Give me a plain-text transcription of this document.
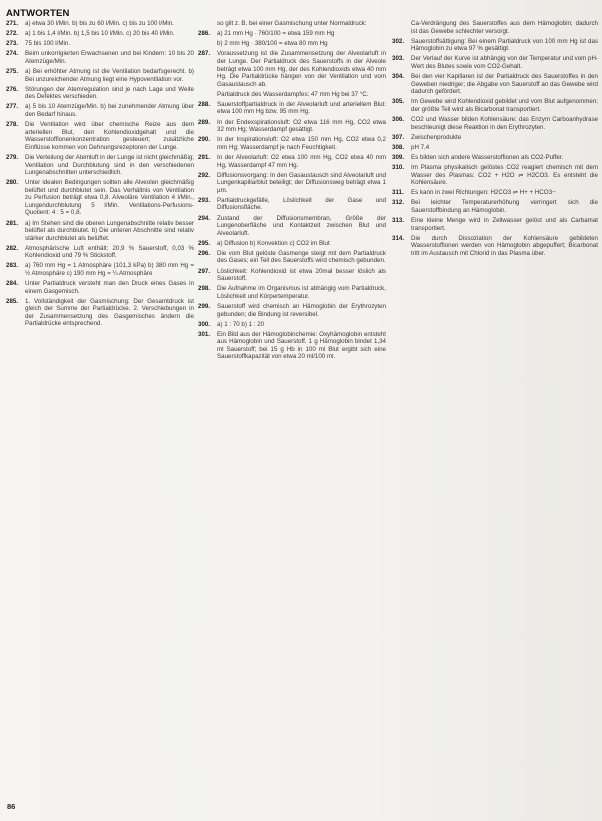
ANTWORTEN
271.	a) etwa 30 l/Min. b) bis zu 60 l/Min. c) bis zu 100 l/Min.
272.	a) 1 bis 1,4 l/Min. b) 1,5 bis 10 l/Min. c) 20 bis 40 l/Min.
273.	75 bis 100 l/Min.
274.	Beim unkorrigierten Erwachsenen und bei Kindern: 10 bis 20 Atemzüge/Min.
275.	a) Bei erhöhter Atmung ist die Ventilation bedarfsgerecht. b) Bei unzureichender Atmung liegt eine Hypoventilation vor.
276.	Störungen der Atemregulation sind je nach Lage und Weite des Defektes verschieden.
277.	a) 5 bis 10 Atemzüge/Min. b) bei zunehmender Atmung über den Bedarf hinaus.
278.	Die Ventilation wird über chemische Reize aus dem arteriellen Blut, den Kohlendioxidgehalt und die Wasserstoffionenkonzentration gesteuert; zusätzliche Einflüsse kommen von Dehnungsrezeptoren der Lunge.
279.	Die Verteilung der Atemluft in der Lunge ist nicht gleichmäßig; Ventilation und Durchblutung sind in den verschiedenen Lungenabschnitten unterschiedlich.
280.	Unter idealen Bedingungen sollten alle Alveolen gleichmäßig belüftet und durchblutet sein. Das Verhältnis von Ventilation zu Perfusion beträgt etwa 0,8. Alveoläre Ventilation 4 l/Min., Lungendurchblutung 5 l/Min. Ventilations-Perfusions-Quotient: 4 : 5 = 0,8.
281.	a) Im Stehen sind die oberen Lungenabschnitte relativ besser belüftet als durchblutet. b) Die unteren Abschnitte sind relativ stärker durchblutet als belüftet.
282.	Atmosphärische Luft enthält: 20,9 % Sauerstoff, 0,03 % Kohlendioxid und 79 % Stickstoff.
283.	a) 760 mm Hg = 1 Atmosphäre (101,3 kPa) b) 380 mm Hg = ½ Atmosphäre c) 190 mm Hg = ¼ Atmosphäre
284.	Unter Partialdruck versteht man den Druck eines Gases in einem Gasgemisch.
285.	1. Vollständigkeit der Gasmischung: Der Gesamtdruck ist gleich der Summe der Partialdrücke. 2. Verschiebungen in der Zusammensetzung des Gasgemisches ändern die Partialdrücke entsprechend.
so gilt z. B. bei einer Gasmischung unter Normaldruck:
286.	a) 21 mm Hg · 760/100 = etwa 159 mm Hg
b) 2 mm Hg · 380/100 = etwa 80 mm Hg
287.	Voraussetzung ist die Zusammensetzung der Alveolarluft in der Lunge. Der Partialdruck des Sauerstoffs in der Alveole beträgt etwa 100 mm Hg, der des Kohlendioxids etwa 40 mm Hg. Die Partialdrücke hängen von der Ventilation und vom Gasaustausch ab.
Partialdruck des Wasserdampfes: 47 mm Hg bei 37 °C.
288.	Sauerstoffpartialdruck in der Alveolarluft und arteriellem Blut: etwa 100 mm Hg bzw. 95 mm Hg.
289.	In der Endexspirationsluft: O2 etwa 116 mm Hg, CO2 etwa 32 mm Hg; Wasserdampf gesättigt.
290.	In der Inspirationsluft: O2 etwa 150 mm Hg, CO2 etwa 0,2 mm Hg; Wasserdampf je nach Feuchtigkeit.
291.	In der Alveolarluft: O2 etwa 100 mm Hg, CO2 etwa 40 mm Hg, Wasserdampf 47 mm Hg.
292.	Diffusionsvorgang: In den Gasaustausch sind Alveolarluft und Lungenkapillarblut beteiligt; der Diffusionsweg beträgt etwa 1 µm.
293.	Partialdruckgefälle, Löslichkeit der Gase und Diffusionsfläche.
294.	Zustand der Diffusionsmembran, Größe der Lungenoberfläche und Kontaktzeit zwischen Blut und Alveolarluft.
295.	a) Diffusion b) Konvektion c) CO2 im Blut
296.	Die vom Blut gelöste Gasmenge steigt mit dem Partialdruck des Gases; ein Teil des Sauerstoffs wird chemisch gebunden.
297.	Löslichkeit: Kohlendioxid ist etwa 20mal besser löslich als Sauerstoff.
298.	Die Aufnahme im Organismus ist abhängig vom Partialdruck, Löslichkeit und Körpertemperatur.
299.	Sauerstoff wird chemisch an Hämoglobin der Erythrozyten gebunden; die Bindung ist reversibel.
300.	a) 1 : 70 b) 1 : 20
301.	Ein Bild aus der Hämoglobinchemie: Oxyhämoglobin entsteht aus Hämoglobin und Sauerstoff. 1 g Hämoglobin bindet 1,34 ml Sauerstoff; bei 15 g Hb in 100 ml Blut ergibt sich eine Sauerstoffkapazität von etwa 20 ml/100 ml.
Ca-Verdrängung des Sauerstoffes aus dem Hämoglobin; dadurch ist das Gewebe schlechter versorgt.
302.	Sauerstoffsättigung: Bei einem Partialdruck von 100 mm Hg ist das Hämoglobin zu etwa 97 % gesättigt.
303.	Der Verlauf der Kurve ist abhängig von der Temperatur und vom pH-Wert des Blutes sowie vom CO2-Gehalt.
304.	Bei den vier Kapillaren ist der Partialdruck des Sauerstoffes in den Geweben niedriger; die Abgabe von Sauerstoff an das Gewebe wird dadurch gefördert.
305.	Im Gewebe wird Kohlendioxid gebildet und vom Blut aufgenommen; der größte Teil wird als Bicarbonat transportiert.
306.	CO2 und Wasser bilden Kohlensäure; das Enzym Carboanhydrase beschleunigt diese Reaktion in den Erythrozyten.
307.	Zwischenprodukte
308.	pH 7,4
309.	Es bilden sich andere Wasserstoffionen als CO2-Puffer.
310.	Im Plasma physikalisch gelöstes CO2 reagiert chemisch mit dem Wasser des Plasmas: CO2 + H2O ⇌ H2CO3. Es entsteht die Kohlensäure.
311.	Es kann in zwei Richtungen: H2CO3 ⇌ H+ + HCO3−
312.	Bei leichter Temperaturerhöhung verringert sich die Sauerstoffbindung an Hämoglobin.
313.	Eine kleine Menge wird in Zellwasser gelöst und als Carbamat transportiert.
314.	Die durch Dissoziation der Kohlensäure gebildeten Wasserstoffionen werden von Hämoglobin abgepuffert; Bicarbonat tritt im Austausch mit Chlorid in das Plasma über.
86
